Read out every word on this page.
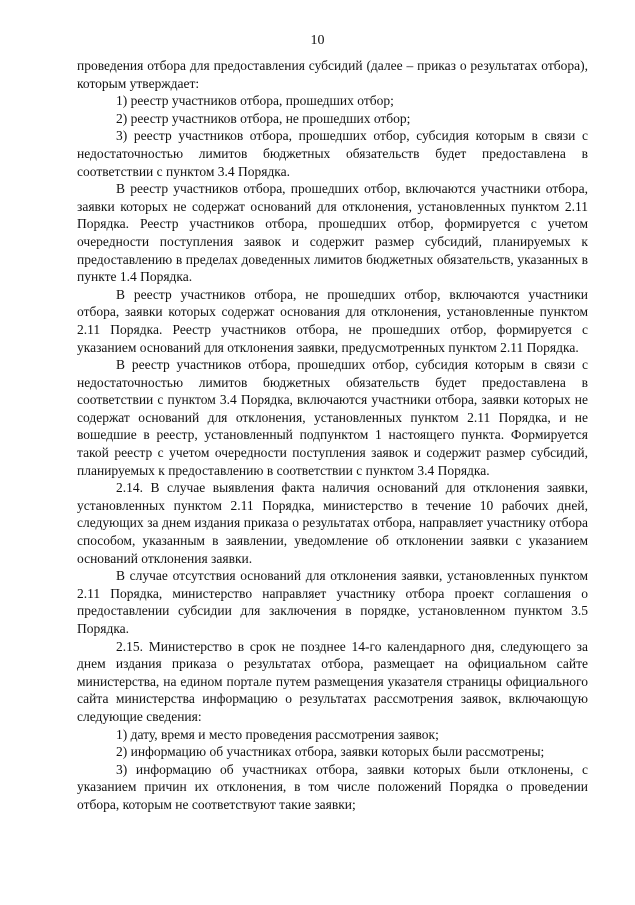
10

проведения отбора для предоставления субсидий (далее – приказ о результатах отбора), которым утверждает:

1) реестр участников отбора, прошедших отбор;

2) реестр участников отбора, не прошедших отбор;

3) реестр участников отбора, прошедших отбор, субсидия которым в связи с недостаточностью лимитов бюджетных обязательств будет предоставлена в соответствии с пунктом 3.4 Порядка.

В реестр участников отбора, прошедших отбор, включаются участники отбора, заявки которых не содержат оснований для отклонения, установленных пунктом 2.11 Порядка. Реестр участников отбора, прошедших отбор, формируется с учетом очередности поступления заявок и содержит размер субсидий, планируемых к предоставлению в пределах доведенных лимитов бюджетных обязательств, указанных в пункте 1.4 Порядка.

В реестр участников отбора, не прошедших отбор, включаются участники отбора, заявки которых содержат основания для отклонения, установленные пунктом 2.11 Порядка. Реестр участников отбора, не прошедших отбор, формируется с указанием оснований для отклонения заявки, предусмотренных пунктом 2.11 Порядка.

В реестр участников отбора, прошедших отбор, субсидия которым в связи с недостаточностью лимитов бюджетных обязательств будет предоставлена в соответствии с пунктом 3.4 Порядка, включаются участники отбора, заявки которых не содержат оснований для отклонения, установленных пунктом 2.11 Порядка, и не вошедшие в реестр, установленный подпунктом 1 настоящего пункта. Формируется такой реестр с учетом очередности поступления заявок и содержит размер субсидий, планируемых к предоставлению в соответствии с пунктом 3.4 Порядка.

2.14. В случае выявления факта наличия оснований для отклонения заявки, установленных пунктом 2.11 Порядка, министерство в течение 10 рабочих дней, следующих за днем издания приказа о результатах отбора, направляет участнику отбора способом, указанным в заявлении, уведомление об отклонении заявки с указанием оснований отклонения заявки.

В случае отсутствия оснований для отклонения заявки, установленных пунктом 2.11 Порядка, министерство направляет участнику отбора проект соглашения о предоставлении субсидии для заключения в порядке, установленном пунктом 3.5 Порядка.

2.15. Министерство в срок не позднее 14-го календарного дня, следующего за днем издания приказа о результатах отбора, размещает на официальном сайте министерства, на едином портале путем размещения указателя страницы официального сайта министерства информацию о результатах рассмотрения заявок, включающую следующие сведения:

1) дату, время и место проведения рассмотрения заявок;

2) информацию об участниках отбора, заявки которых были рассмотрены;

3) информацию об участниках отбора, заявки которых были отклонены, с указанием причин их отклонения, в том числе положений Порядка о проведении отбора, которым не соответствуют такие заявки;
